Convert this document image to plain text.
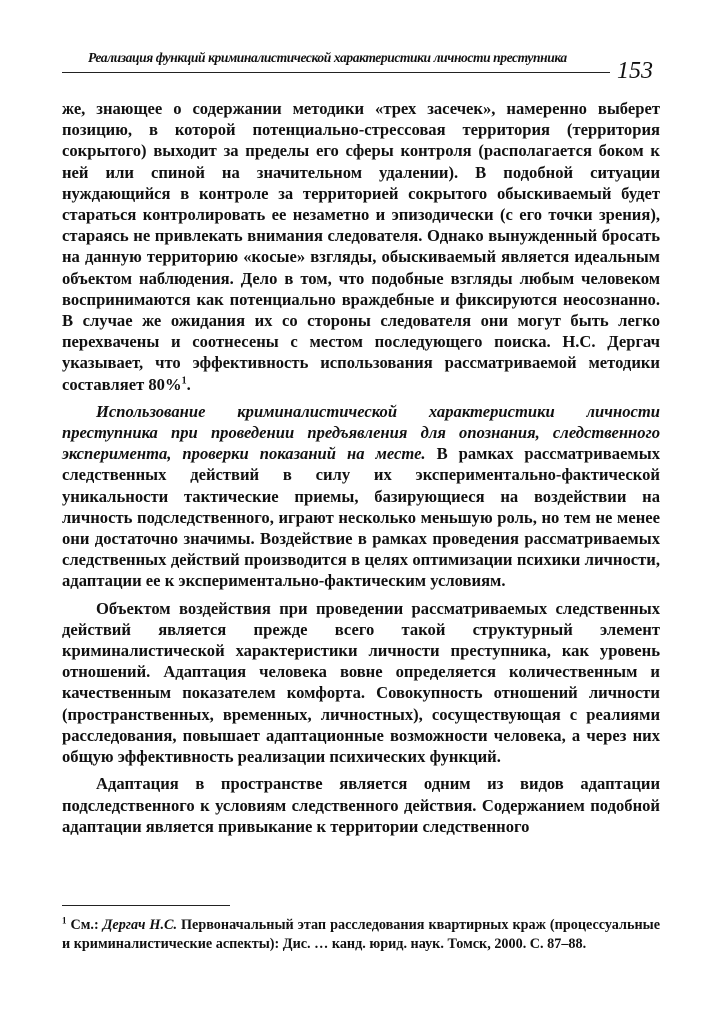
Реализация функций криминалистической характеристики личности преступника
153

же, знающее о содержании методики «трех засечек», намеренно выберет позицию, в которой потенциально-стрессовая территория (территория сокрытого) выходит за пределы его сферы контроля (располагается боком к ней или спиной на значительном удалении). В подобной ситуации нуждающийся в контроле за территорией сокрытого обыскиваемый будет стараться контролировать ее незаметно и эпизодически (с его точки зрения), стараясь не привлекать внимания следователя. Однако вынужденный бросать на данную территорию «косые» взгляды, обыскиваемый является идеальным объектом наблюдения. Дело в том, что подобные взгляды любым человеком воспринимаются как потенциально враждебные и фиксируются неосознанно. В случае же ожидания их со стороны следователя они могут быть легко перехвачены и соотнесены с местом последующего поиска. Н.С. Дергач указывает, что эффективность использования рассматриваемой методики составляет 80%$^1$.

Использование криминалистической характеристики личности преступника при проведении предъявления для опознания, следственного эксперимента, проверки показаний на месте. В рамках рассматриваемых следственных действий в силу их экспериментально-фактической уникальности тактические приемы, базирующиеся на воздействии на личность подследственного, играют несколько меньшую роль, но тем не менее они достаточно значимы. Воздействие в рамках проведения рассматриваемых следственных действий производится в целях оптимизации психики личности, адаптации ее к экспериментально-фактическим условиям.

Объектом воздействия при проведении рассматриваемых следственных действий является прежде всего такой структурный элемент криминалистической характеристики личности преступника, как уровень отношений. Адаптация человека вовне определяется количественным и качественным показателем комфорта. Совокупность отношений личности (пространственных, временных, личностных), сосуществующая с реалиями расследования, повышает адаптационные возможности человека, а через них общую эффективность реализации психических функций.

Адаптация в пространстве является одним из видов адаптации подследственного к условиям следственного действия. Содержанием подобной адаптации является привыкание к территории следственного

$^1$ См.: Дергач Н.С. Первоначальный этап расследования квартирных краж (процессуальные и криминалистические аспекты): Дис. … канд. юрид. наук. Томск, 2000. С. 87–88.
